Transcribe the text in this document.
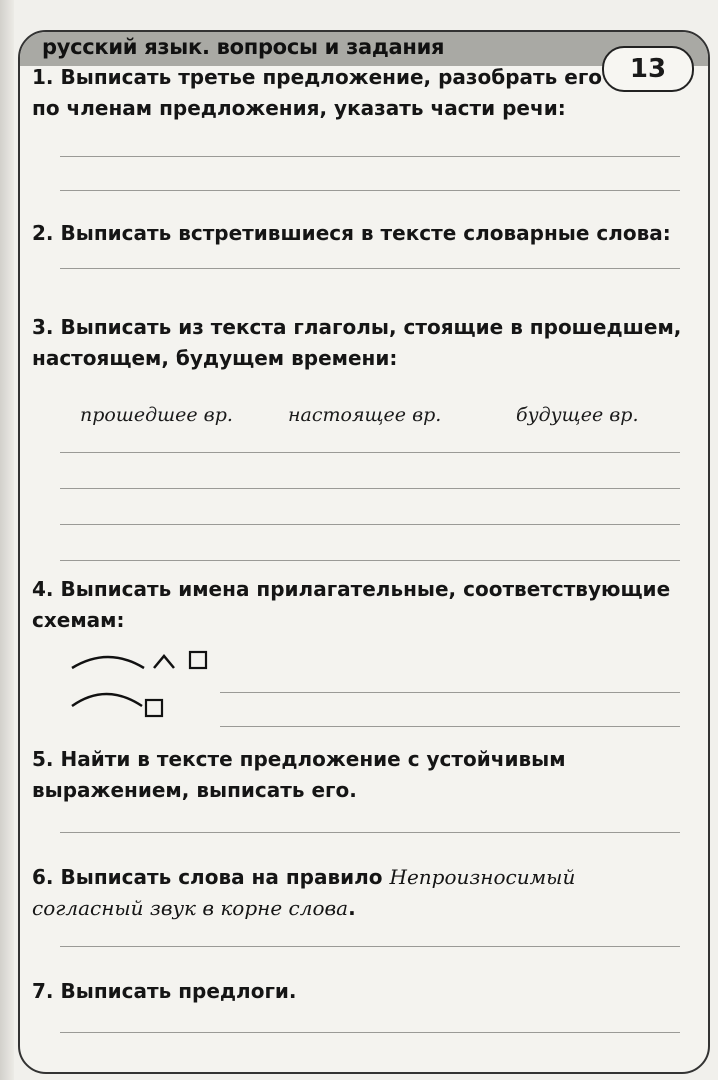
русский язык. вопросы и задания
13
1. Выписать третье предложение, разобрать его по членам предложения, указать части речи:
2. Выписать встретившиеся в тексте словарные слова:
3. Выписать из текста глаголы, стоящие в прошедшем, настоящем, будущем времени:
прошедшее вр.	настоящее вр.	будущее вр.
4. Выписать имена прилагательные, соответствующие схемам:
5. Найти в тексте предложение с устойчивым выражением, выписать его.
6. Выписать слова на правило Непроизносимый согласный звук в корне слова.
7. Выписать предлоги.
